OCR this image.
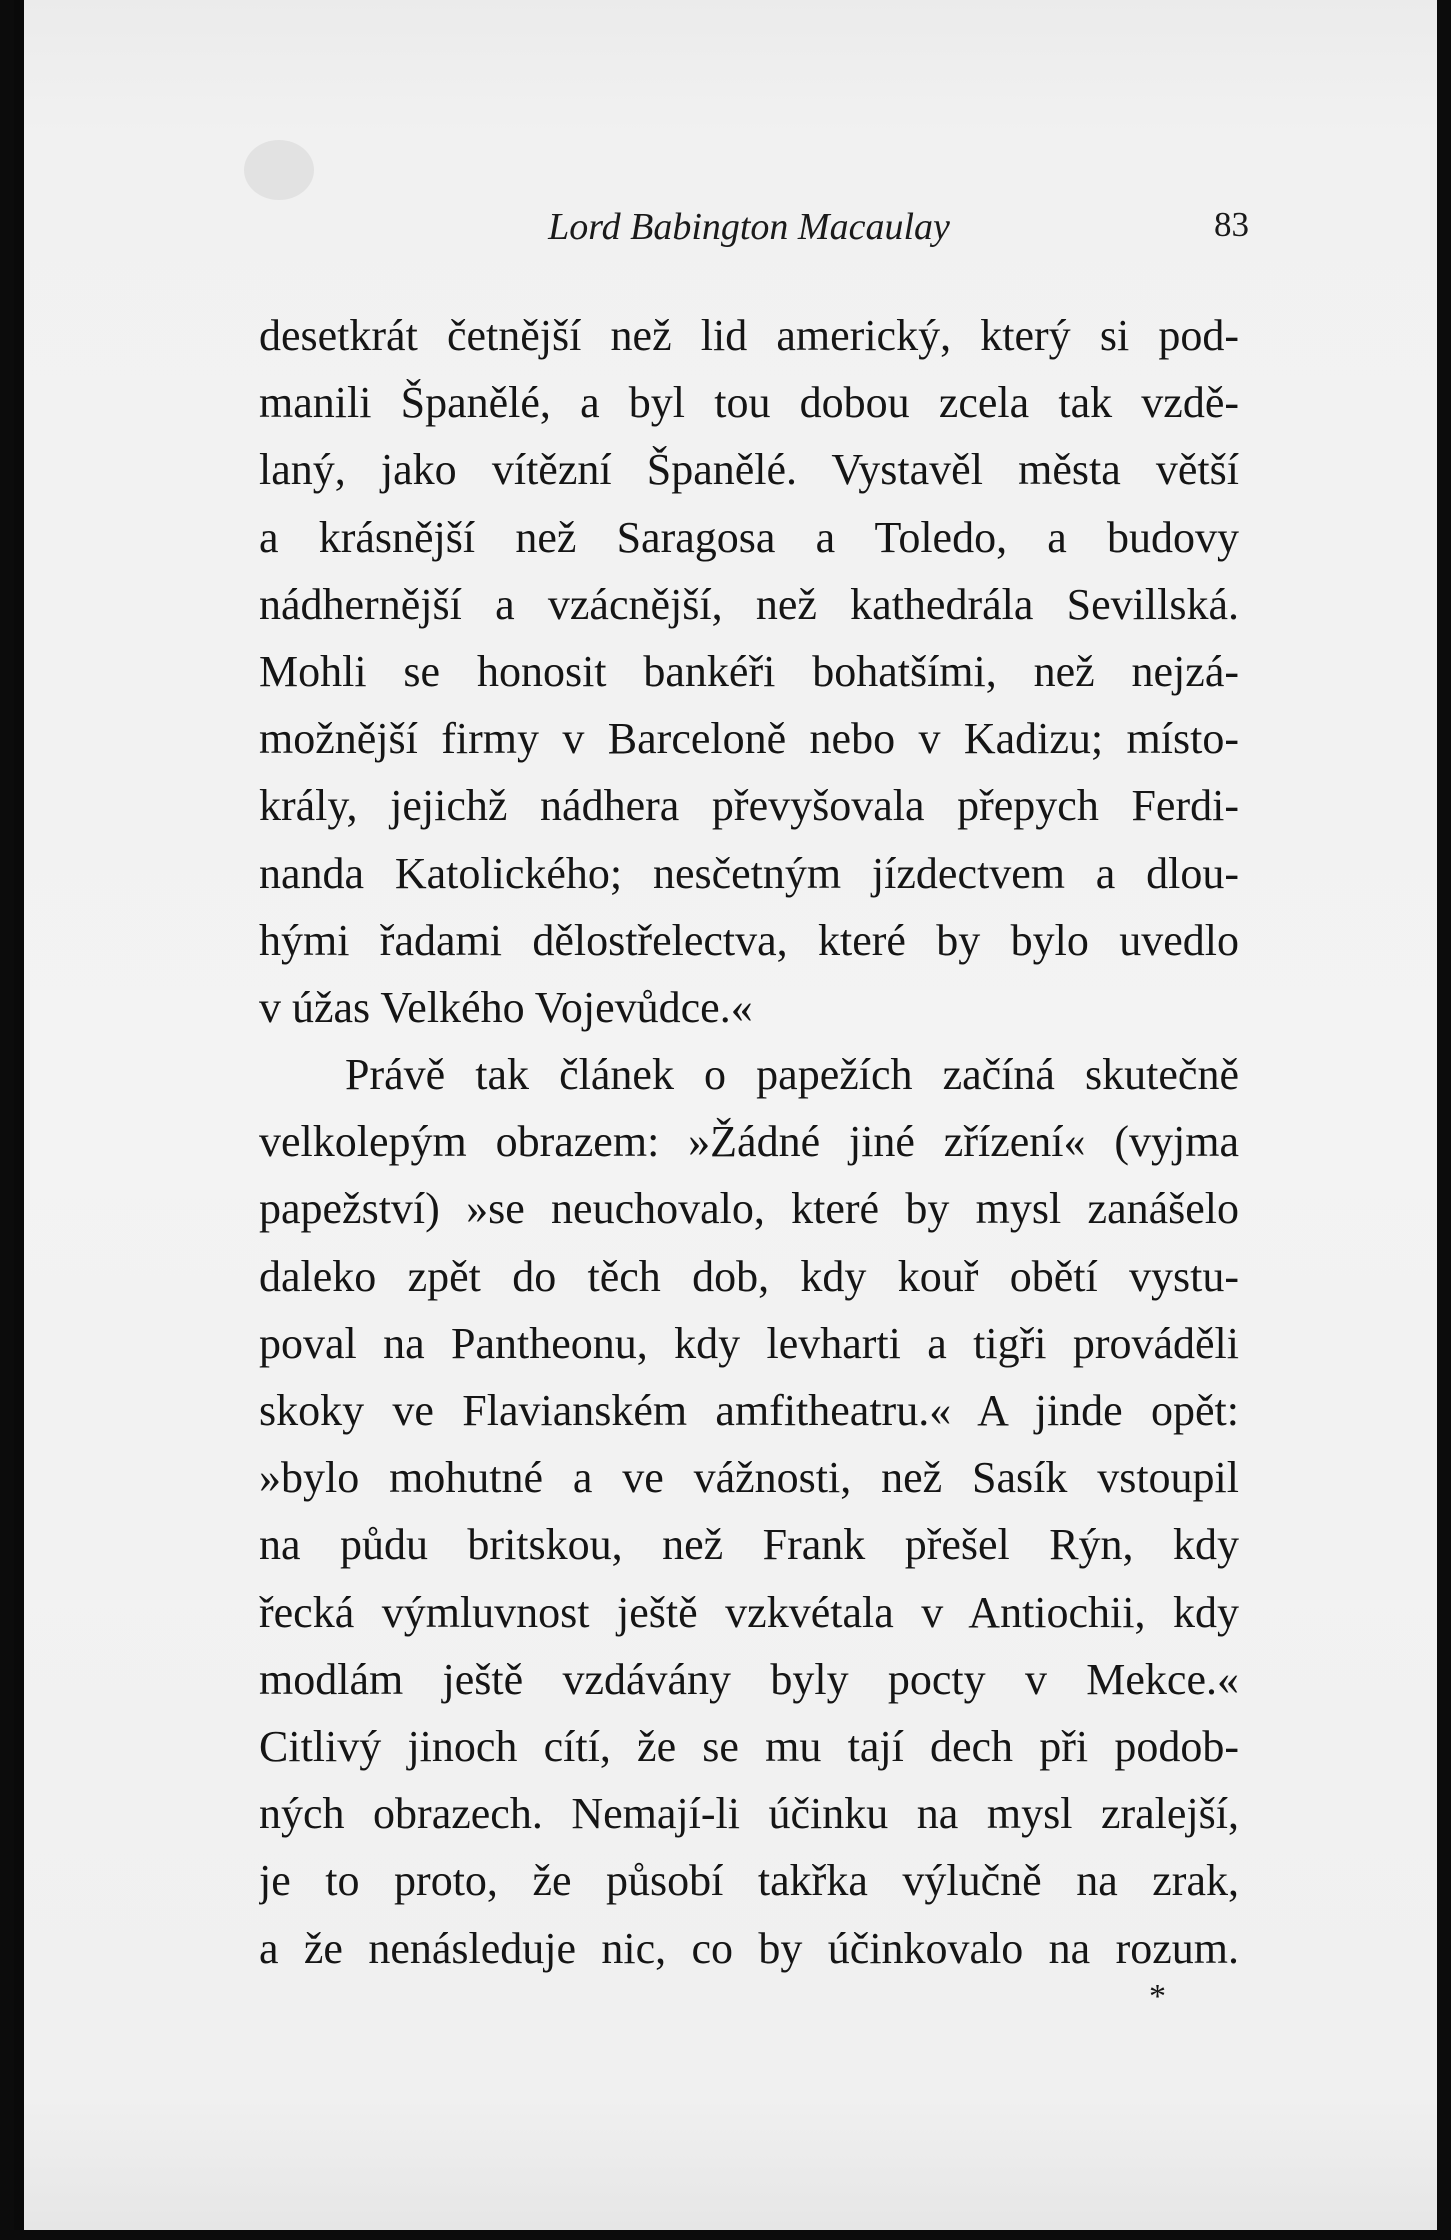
Lord Babington Macaulay	83
desetkrát četnější než lid americký, který si pod-
manili Španělé, a byl tou dobou zcela tak vzdě-
laný, jako vítězní Španělé. Vystavěl města větší
a krásnější než Saragosa a Toledo, a budovy
nádhernější a vzácnější, než kathedrála Sevillská.
Mohli se honosit bankéři bohatšími, než nejzá-
možnější firmy v Barceloně nebo v Kadizu; místo-
krály, jejichž nádhera převyšovala přepych Ferdi-
nanda Katolického; nesčetným jízdectvem a dlou-
hými řadami dělostřelectva, které by bylo uvedlo
v úžas Velkého Vojevůdce.«
Právě tak článek o papežích začíná skutečně
velkolepým obrazem: »Žádné jiné zřízení« (vyjma
papežství) »se neuchovalo, které by mysl zanášelo
daleko zpět do těch dob, kdy kouř obětí vystu-
poval na Pantheonu, kdy levharti a tigři prováděli
skoky ve Flavianském amfitheatru.« A jinde opět:
»bylo mohutné a ve vážnosti, než Sasík vstoupil
na půdu britskou, než Frank přešel Rýn, kdy
řecká výmluvnost ještě vzkvétala v Antiochii, kdy
modlám ještě vzdávány byly pocty v Mekce.«
Citlivý jinoch cítí, že se mu tají dech při podob-
ných obrazech. Nemají-li účinku na mysl zralejší,
je to proto, že působí takřka výlučně na zrak,
a že nenásleduje nic, co by účinkovalo na rozum.
*
